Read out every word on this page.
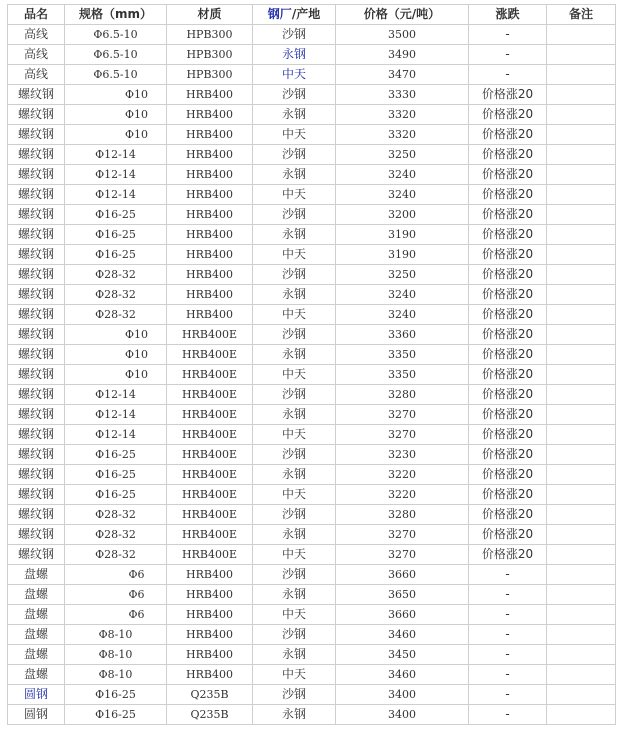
品名	规格（mm）	材质	钢厂/产地	价格（元/吨）	涨跌	备注
高线	Φ6.5-10	HPB300	沙钢	3500	-	
高线	Φ6.5-10	HPB300	永钢	3490	-	
高线	Φ6.5-10	HPB300	中天	3470	-	
螺纹钢	Φ10	HRB400	沙钢	3330	价格涨20	
螺纹钢	Φ10	HRB400	永钢	3320	价格涨20	
螺纹钢	Φ10	HRB400	中天	3320	价格涨20	
螺纹钢	Φ12-14	HRB400	沙钢	3250	价格涨20	
螺纹钢	Φ12-14	HRB400	永钢	3240	价格涨20	
螺纹钢	Φ12-14	HRB400	中天	3240	价格涨20	
螺纹钢	Φ16-25	HRB400	沙钢	3200	价格涨20	
螺纹钢	Φ16-25	HRB400	永钢	3190	价格涨20	
螺纹钢	Φ16-25	HRB400	中天	3190	价格涨20	
螺纹钢	Φ28-32	HRB400	沙钢	3250	价格涨20	
螺纹钢	Φ28-32	HRB400	永钢	3240	价格涨20	
螺纹钢	Φ28-32	HRB400	中天	3240	价格涨20	
螺纹钢	Φ10	HRB400E	沙钢	3360	价格涨20	
螺纹钢	Φ10	HRB400E	永钢	3350	价格涨20	
螺纹钢	Φ10	HRB400E	中天	3350	价格涨20	
螺纹钢	Φ12-14	HRB400E	沙钢	3280	价格涨20	
螺纹钢	Φ12-14	HRB400E	永钢	3270	价格涨20	
螺纹钢	Φ12-14	HRB400E	中天	3270	价格涨20	
螺纹钢	Φ16-25	HRB400E	沙钢	3230	价格涨20	
螺纹钢	Φ16-25	HRB400E	永钢	3220	价格涨20	
螺纹钢	Φ16-25	HRB400E	中天	3220	价格涨20	
螺纹钢	Φ28-32	HRB400E	沙钢	3280	价格涨20	
螺纹钢	Φ28-32	HRB400E	永钢	3270	价格涨20	
螺纹钢	Φ28-32	HRB400E	中天	3270	价格涨20	
盘螺	Φ6	HRB400	沙钢	3660	-	
盘螺	Φ6	HRB400	永钢	3650	-	
盘螺	Φ6	HRB400	中天	3660	-	
盘螺	Φ8-10	HRB400	沙钢	3460	-	
盘螺	Φ8-10	HRB400	永钢	3450	-	
盘螺	Φ8-10	HRB400	中天	3460	-	
圆钢	Φ16-25	Q235B	沙钢	3400	-	
圆钢	Φ16-25	Q235B	永钢	3400	-	
